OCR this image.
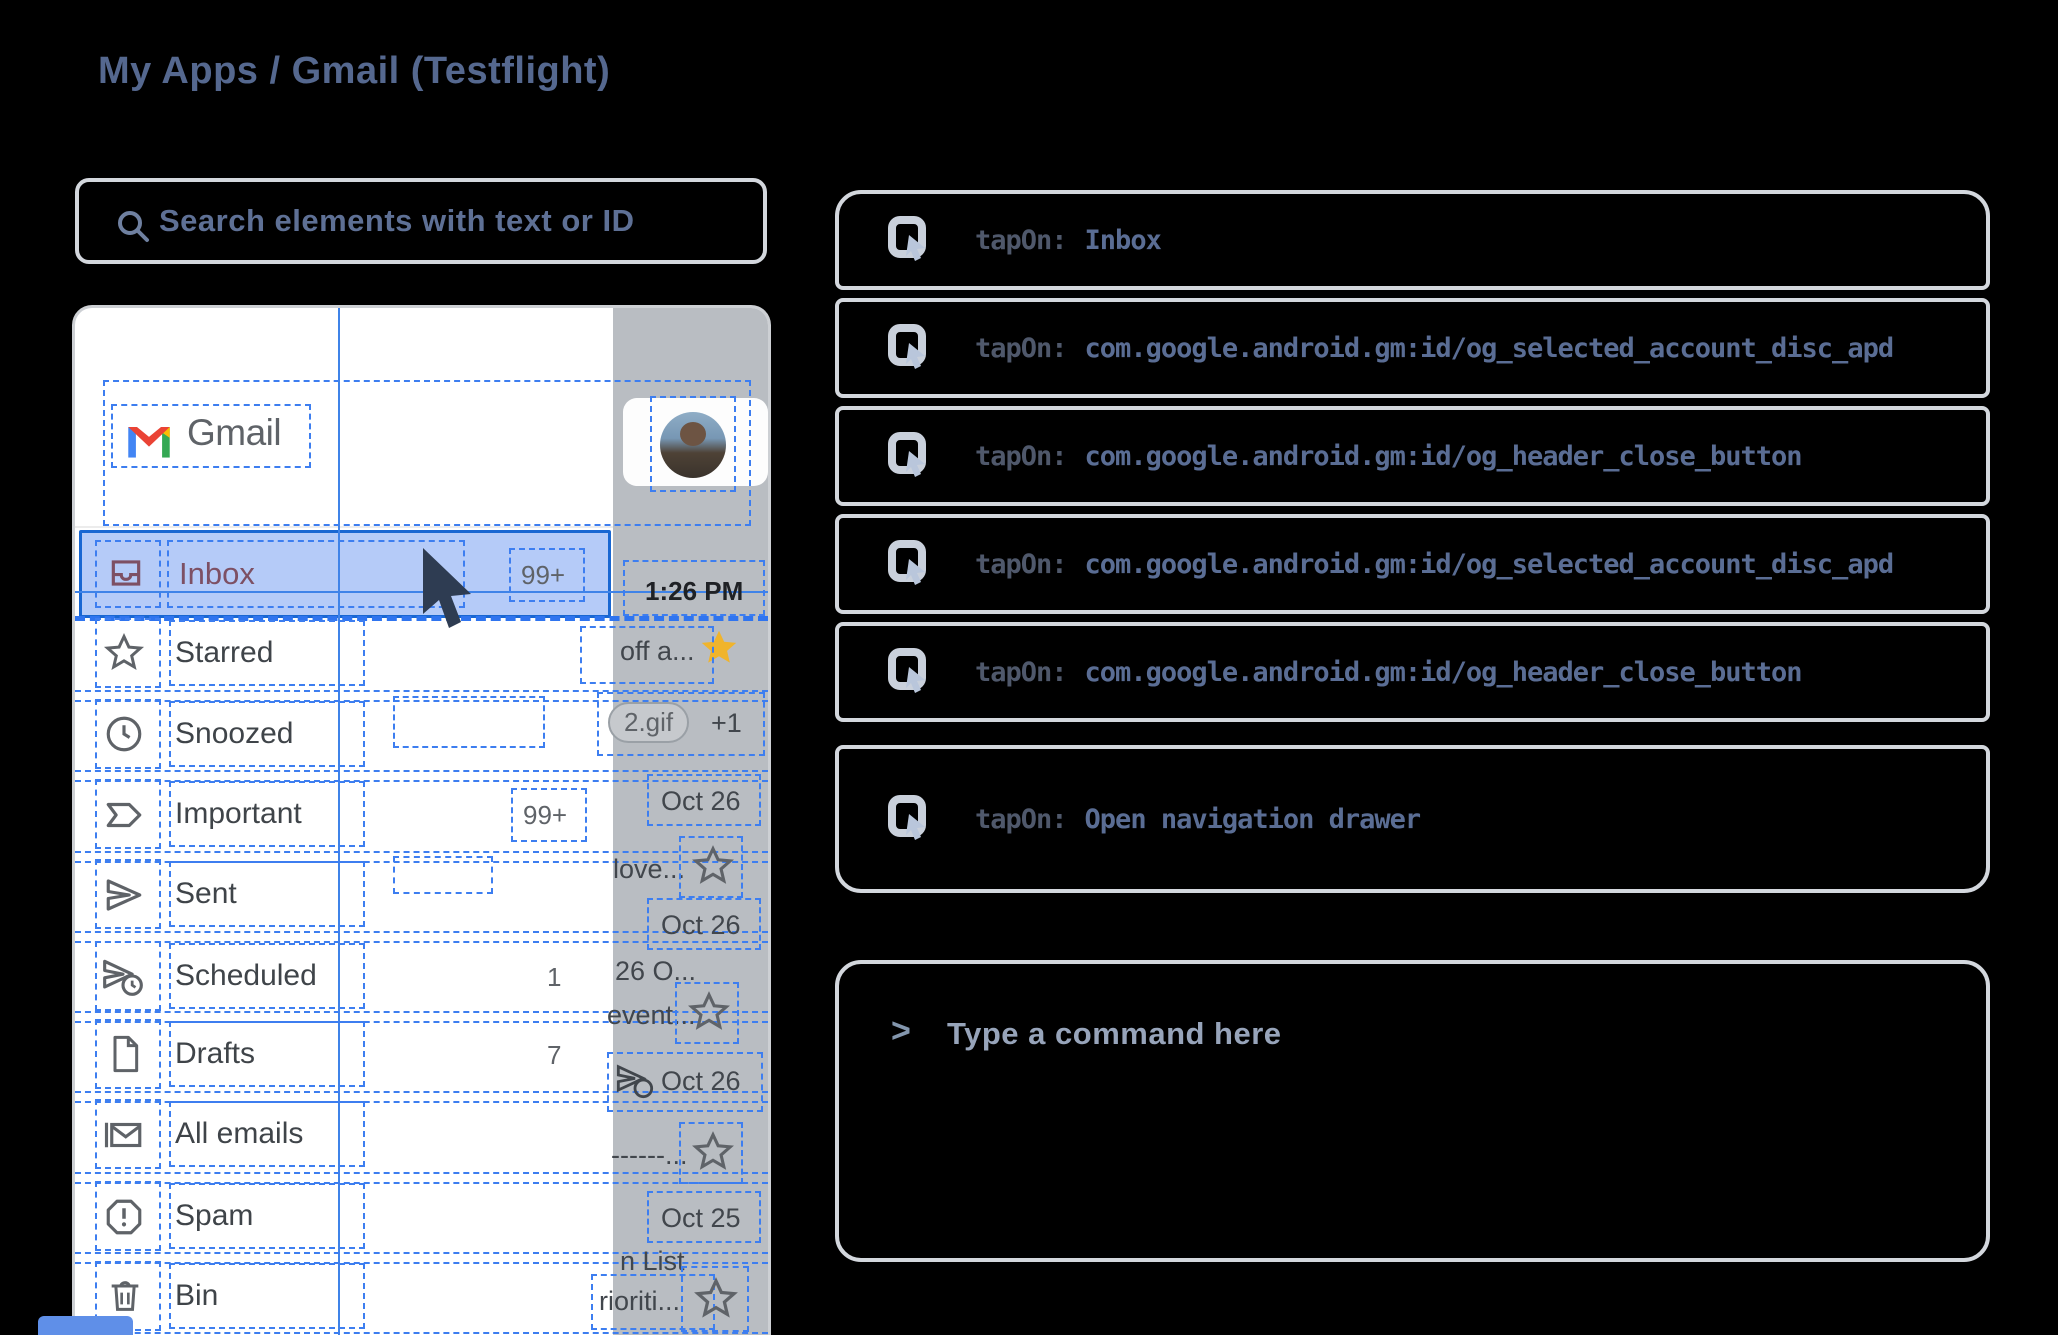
My Apps / Gmail (Testflight)
Search elements with text or ID
tapOn: Inbox
tapOn: com.google.android.gm:id/og_selected_account_disc_apd
tapOn: com.google.android.gm:id/og_header_close_button
tapOn: com.google.android.gm:id/og_selected_account_disc_apd
tapOn: com.google.android.gm:id/og_header_close_button
tapOn: Open navigation drawer
> Type a command here
Gmail
Inbox	99+
1:26 PM
Starred
Snoozed
Important	99+
Sent
Scheduled	1
Drafts	7
All emails
Spam
Bin
off a...
2.gif	+1
Oct 26
love...
Oct 26
26 O...
event...
Oct 26
------...
Oct 25
n List
rioriti...
